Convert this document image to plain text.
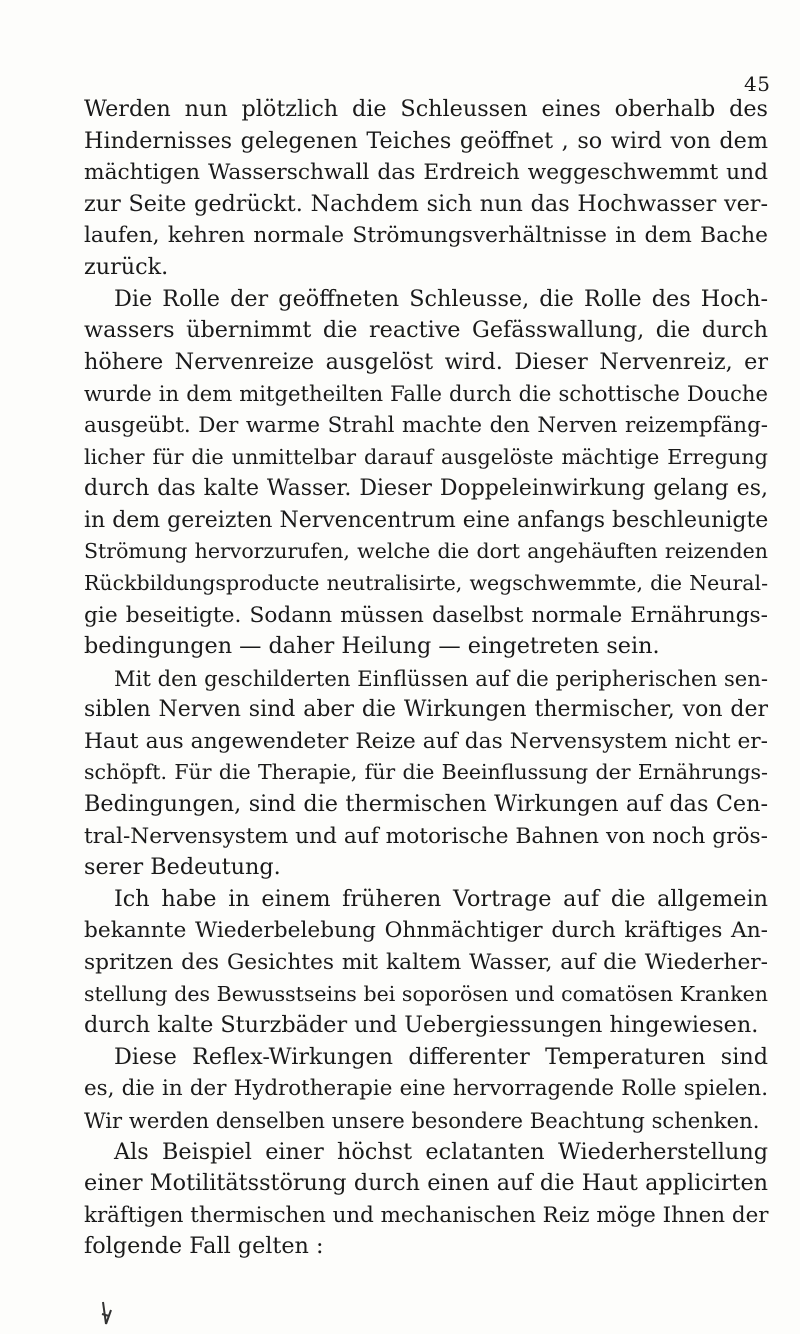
45
Werden nun plötzlich die Schleussen eines oberhalb des
Hindernisses gelegenen Teiches geöffnet , so wird von dem
mächtigen Wasserschwall das Erdreich weggeschwemmt und
zur Seite gedrückt. Nachdem sich nun das Hochwasser ver-
laufen, kehren normale Strömungsverhältnisse in dem Bache
zurück.
Die Rolle der geöffneten Schleusse, die Rolle des Hoch-
wassers übernimmt die reactive Gefässwallung, die durch
höhere Nervenreize ausgelöst wird. Dieser Nervenreiz, er
wurde in dem mitgetheilten Falle durch die schottische Douche
ausgeübt. Der warme Strahl machte den Nerven reizempfäng-
licher für die unmittelbar darauf ausgelöste mächtige Erregung
durch das kalte Wasser. Dieser Doppeleinwirkung gelang es,
in dem gereizten Nervencentrum eine anfangs beschleunigte
Strömung hervorzurufen, welche die dort angehäuften reizenden
Rückbildungsproducte neutralisirte, wegschwemmte, die Neural-
gie beseitigte. Sodann müssen daselbst normale Ernährungs-
bedingungen — daher Heilung — eingetreten sein.
Mit den geschilderten Einflüssen auf die peripherischen sen-
siblen Nerven sind aber die Wirkungen thermischer, von der
Haut aus angewendeter Reize auf das Nervensystem nicht er-
schöpft. Für die Therapie, für die Beeinflussung der Ernährungs-
Bedingungen, sind die thermischen Wirkungen auf das Cen-
tral-Nervensystem und auf motorische Bahnen von noch grös-
serer Bedeutung.
Ich habe in einem früheren Vortrage auf die allgemein
bekannte Wiederbelebung Ohnmächtiger durch kräftiges An-
spritzen des Gesichtes mit kaltem Wasser, auf die Wiederher-
stellung des Bewusstseins bei soporösen und comatösen Kranken
durch kalte Sturzbäder und Uebergiessungen hingewiesen.
Diese Reflex-Wirkungen differenter Temperaturen sind
es, die in der Hydrotherapie eine hervorragende Rolle spielen.
Wir werden denselben unsere besondere Beachtung schenken.
Als Beispiel einer höchst eclatanten Wiederherstellung
einer Motilitätsstörung durch einen auf die Haut applicirten
kräftigen thermischen und mechanischen Reiz möge Ihnen der
folgende Fall gelten :
